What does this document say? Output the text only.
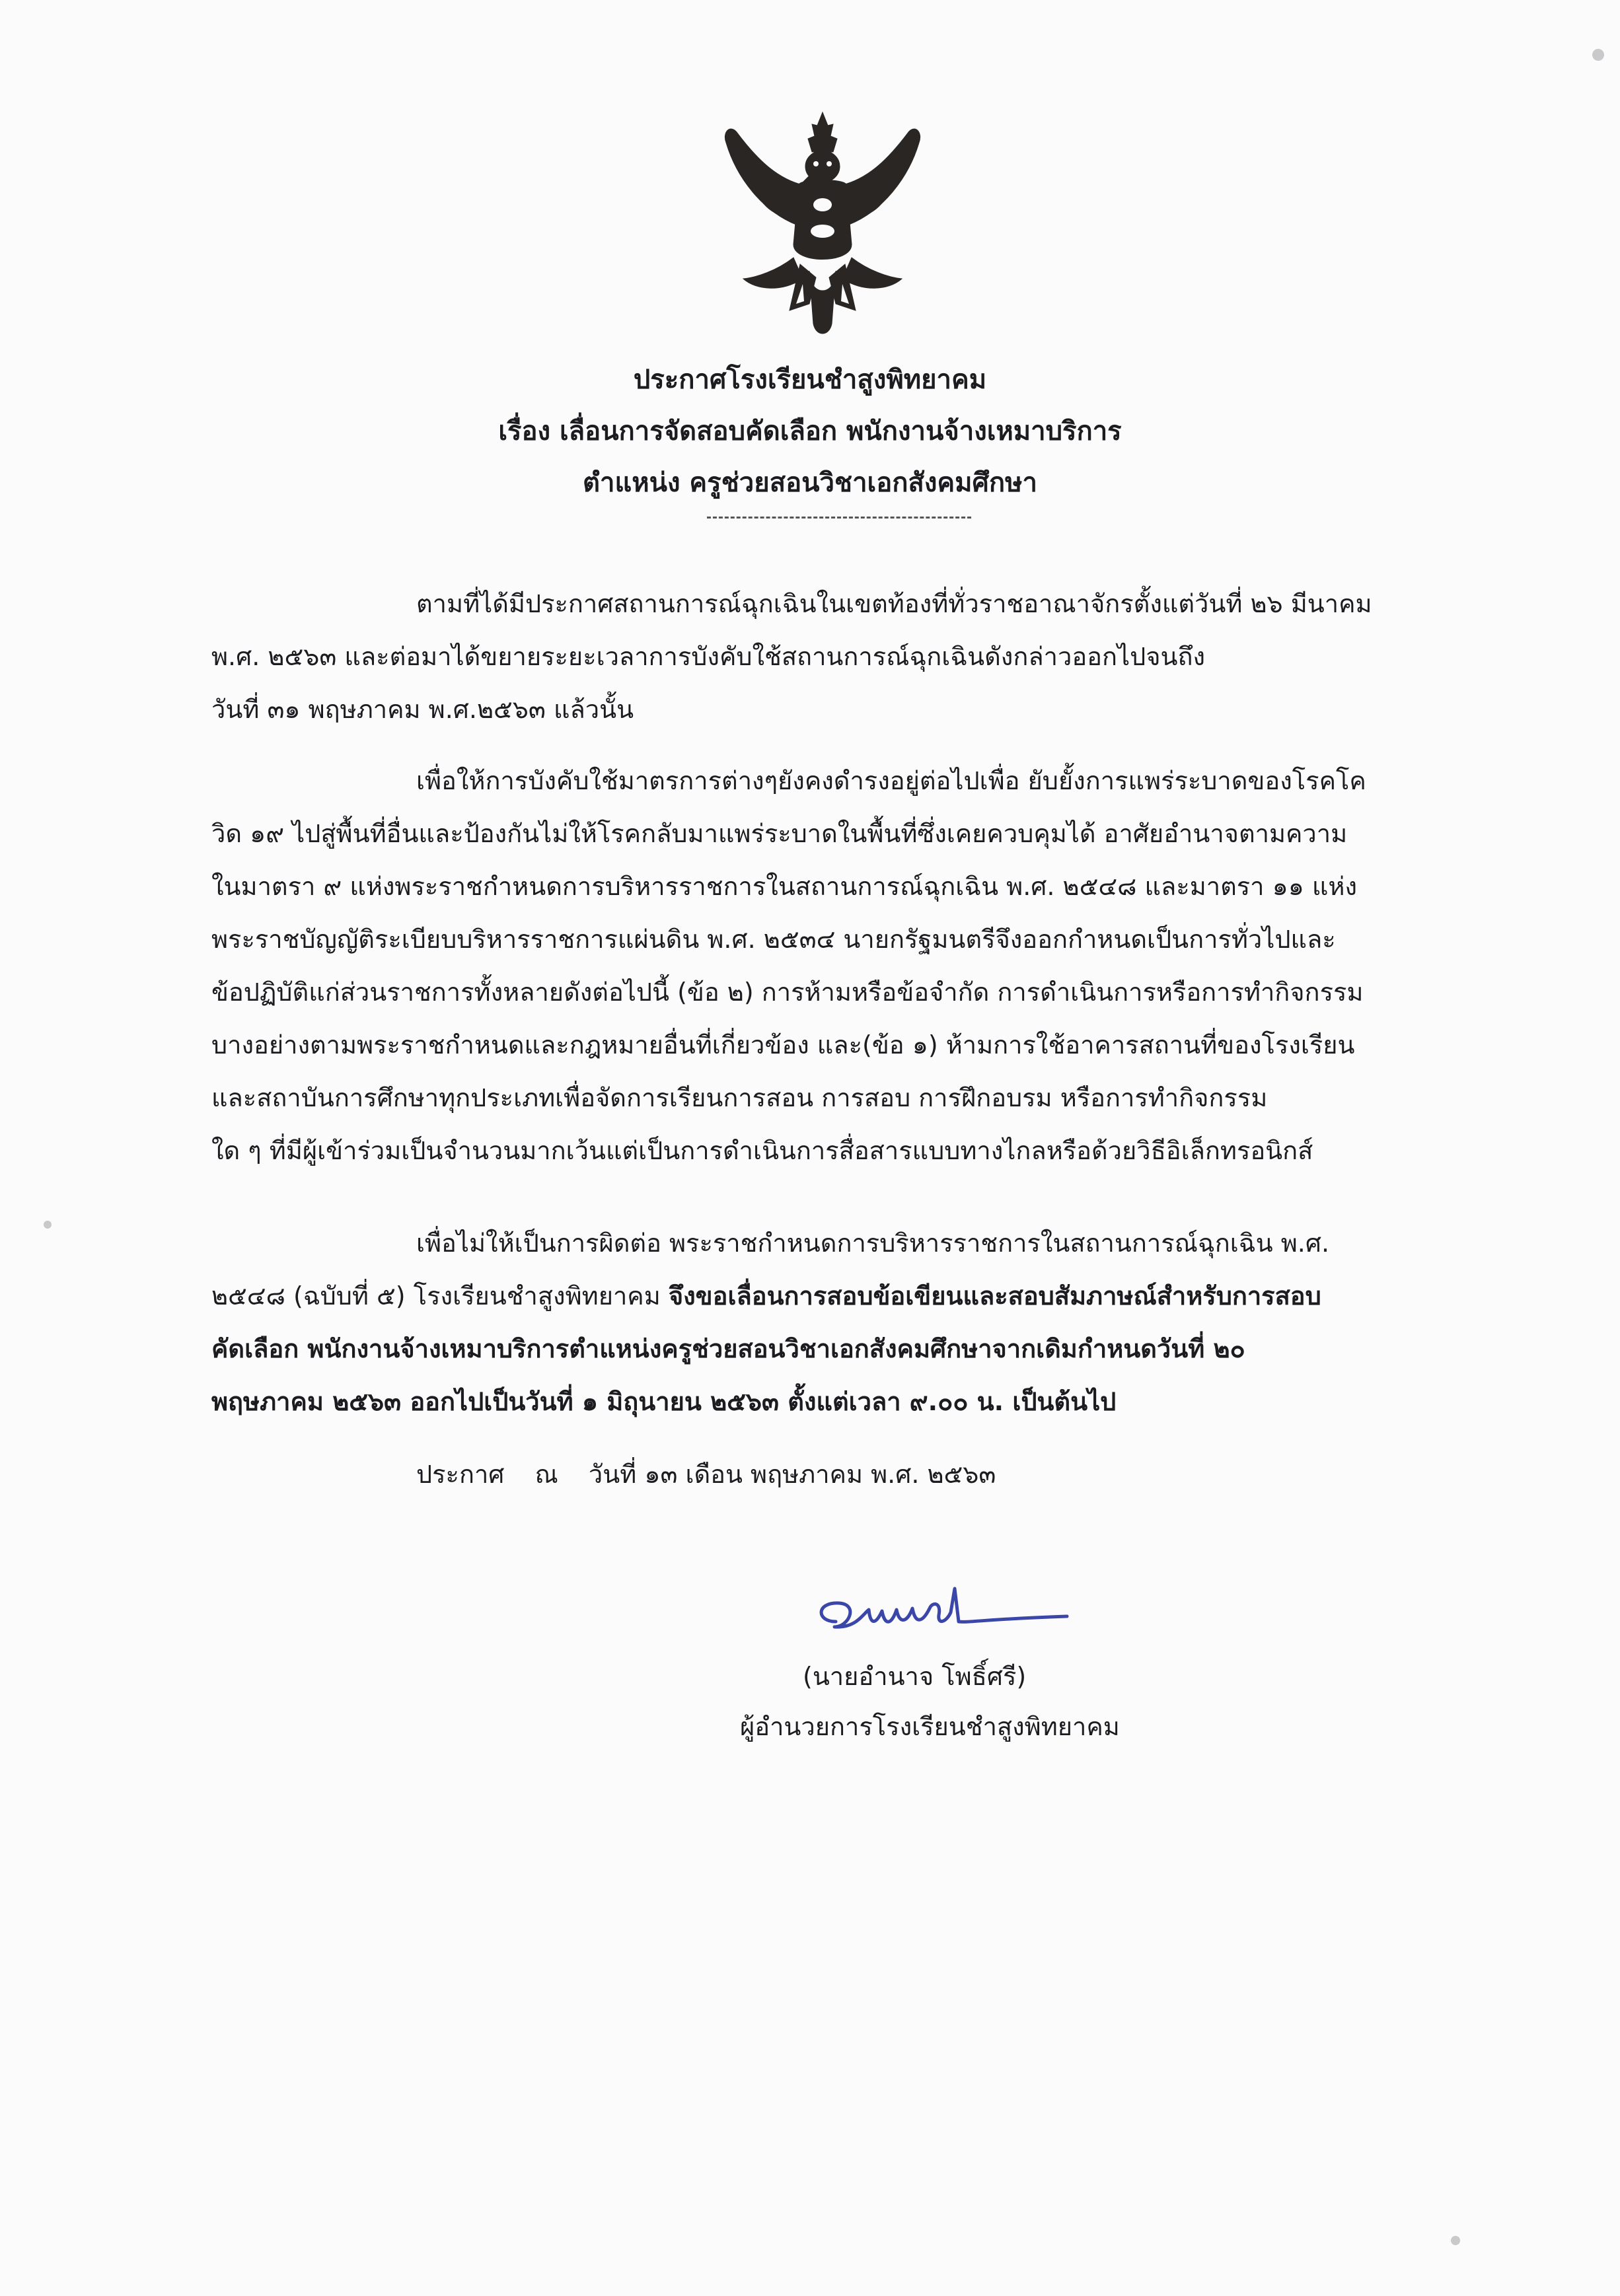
ประกาศโรงเรียนชำสูงพิทยาคม
เรื่อง เลื่อนการจัดสอบคัดเลือก พนักงานจ้างเหมาบริการ
ตำแหน่ง ครูช่วยสอนวิชาเอกสังคมศึกษา
ตามที่ได้มีประกาศสถานการณ์ฉุกเฉินในเขตท้องที่ทั่วราชอาณาจักรตั้งแต่วันที่ ๒๖ มีนาคม
พ.ศ. ๒๕๖๓ และต่อมาได้ขยายระยะเวลาการบังคับใช้สถานการณ์ฉุกเฉินดังกล่าวออกไปจนถึง
วันที่ ๓๑ พฤษภาคม พ.ศ.๒๕๖๓ แล้วนั้น
เพื่อให้การบังคับใช้มาตรการต่างๆยังคงดำรงอยู่ต่อไปเพื่อ ยับยั้งการแพร่ระบาดของโรคโค
วิด ๑๙ ไปสู่พื้นที่อื่นและป้องกันไม่ให้โรคกลับมาแพร่ระบาดในพื้นที่ซึ่งเคยควบคุมได้ อาศัยอำนาจตามความ
ในมาตรา ๙ แห่งพระราชกำหนดการบริหารราชการในสถานการณ์ฉุกเฉิน พ.ศ. ๒๕๔๘ และมาตรา ๑๑ แห่ง
พระราชบัญญัติระเบียบบริหารราชการแผ่นดิน พ.ศ. ๒๕๓๔ นายกรัฐมนตรีจึงออกกำหนดเป็นการทั่วไปและ
ข้อปฏิบัติแก่ส่วนราชการทั้งหลายดังต่อไปนี้ (ข้อ ๒) การห้ามหรือข้อจำกัด การดำเนินการหรือการทำกิจกรรม
บางอย่างตามพระราชกำหนดและกฎหมายอื่นที่เกี่ยวข้อง และ(ข้อ ๑) ห้ามการใช้อาคารสถานที่ของโรงเรียน
และสถาบันการศึกษาทุกประเภทเพื่อจัดการเรียนการสอน การสอบ การฝึกอบรม หรือการทำกิจกรรม
ใด ๆ ที่มีผู้เข้าร่วมเป็นจำนวนมากเว้นแต่เป็นการดำเนินการสื่อสารแบบทางไกลหรือด้วยวิธีอิเล็กทรอนิกส์
เพื่อไม่ให้เป็นการผิดต่อ พระราชกำหนดการบริหารราชการในสถานการณ์ฉุกเฉิน พ.ศ.
๒๕๔๘ (ฉบับที่ ๕) โรงเรียนชำสูงพิทยาคม จึงขอเลื่อนการสอบข้อเขียนและสอบสัมภาษณ์สำหรับการสอบ
คัดเลือก พนักงานจ้างเหมาบริการตำแหน่งครูช่วยสอนวิชาเอกสังคมศึกษาจากเดิมกำหนดวันที่ ๒๐
พฤษภาคม ๒๕๖๓ ออกไปเป็นวันที่ ๑ มิถุนายน ๒๕๖๓ ตั้งแต่เวลา ๙.๐๐ น. เป็นต้นไป
ประกาศ ณ วันที่ ๑๓ เดือน พฤษภาคม พ.ศ. ๒๕๖๓
(นายอำนาจ โพธิ์ศรี)
ผู้อำนวยการโรงเรียนชำสูงพิทยาคม
